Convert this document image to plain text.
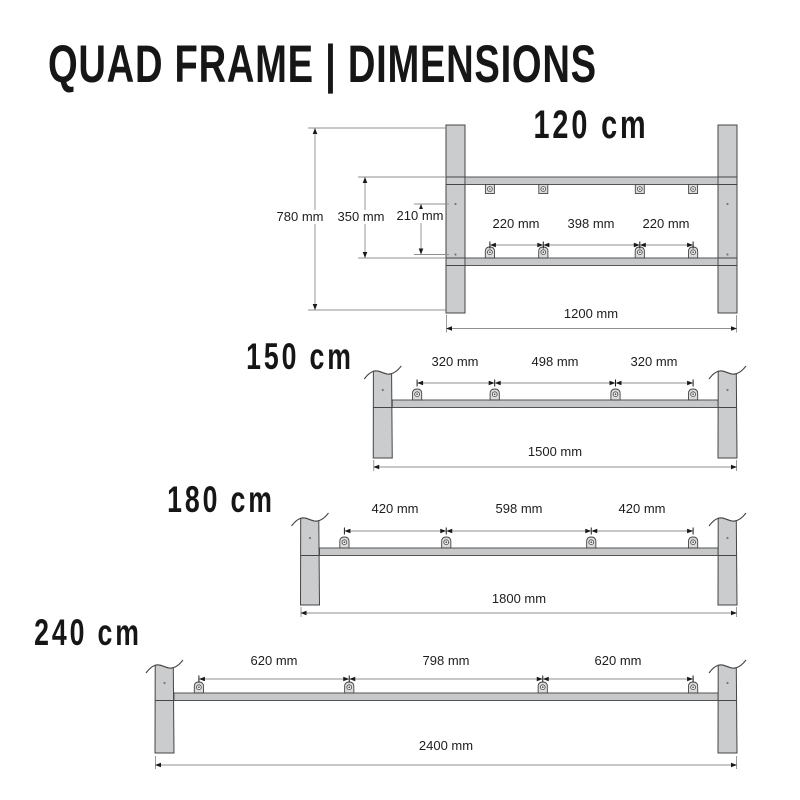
QUAD FRAME | DIMENSIONS
120 cm
220 mm 398 mm 220 mm
1200 mm
780 mm 350 mm 210 mm
150 cm	320 mm	498 mm	320 mm
1500 mm
180 cm	420 mm	598 mm	420 mm
1800 mm
240 cm
620 mm	798 mm	620 mm
2400 mm
